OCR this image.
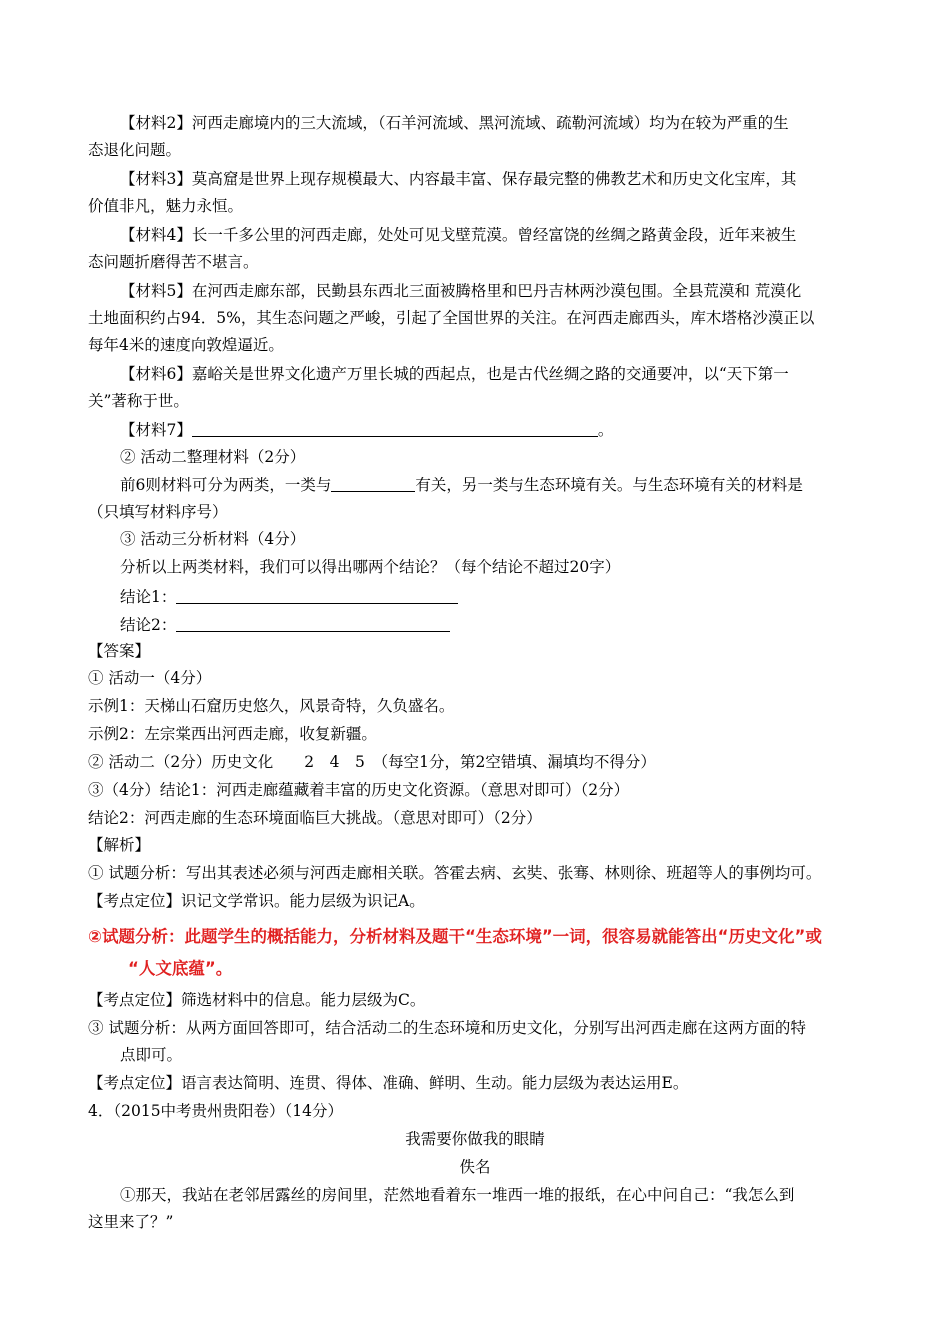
【材料2】河西走廊境内的三大流域，（石羊河流域、黑河流域、疏勒河流域）均为在较为严重的生
态退化问题。
【材料3】莫高窟是世界上现存规模最大、内容最丰富、保存最完整的佛教艺术和历史文化宝库，其
价值非凡，魅力永恒。
【材料4】长一千多公里的河西走廊，处处可见戈壁荒漠。曾经富饶的丝绸之路黄金段，近年来被生
态问题折磨得苦不堪言。
【材料5】在河西走廊东部，民勤县东西北三面被腾格里和巴丹吉林两沙漠包围。全县荒漠和 荒漠化
土地面积约占94．5%，其生态问题之严峻，引起了全国世界的关注。在河西走廊西头，库木塔格沙漠正以
每年4米的速度向敦煌逼近。
【材料6】嘉峪关是世界文化遗产万里长城的西起点，也是古代丝绸之路的交通要冲，以“天下第一
关”著称于世。
【材料7】	。
② 活动二整理材料（2分）
前6则材料可分为两类，一类与	有关，另一类与生态环境有关。与生态环境有关的材料是
（只填写材料序号）
③ 活动三分析材料（4分）
分析以上两类材料，我们可以得出哪两个结论？（每个结论不超过20字）
结论1：
结论2：
【答案】
① 活动一（4分）
示例1：天梯山石窟历史悠久，风景奇特，久负盛名。
示例2：左宗棠西出河西走廊，收复新疆。
② 活动二（2分）历史文化　　2　4　5　（每空1分，第2空错填、漏填均不得分）
③（4分）结论1：河西走廊蕴藏着丰富的历史文化资源。（意思对即可）（2分）
结论2：河西走廊的生态环境面临巨大挑战。（意思对即可）（2分）
【解析】
① 试题分析：写出其表述必须与河西走廊相关联。答霍去病、玄奘、张骞、林则徐、班超等人的事例均可。
【考点定位】识记文学常识。能力层级为识记A。
②试题分析：此题学生的概括能力，分析材料及题干“生态环境”一词，很容易就能答出“历史文化”或
“人文底蕴”。
【考点定位】筛选材料中的信息。能力层级为C。
③ 试题分析：从两方面回答即可，结合活动二的生态环境和历史文化，分别写出河西走廊在这两方面的特
点即可。
【考点定位】语言表达简明、连贯、得体、准确、鲜明、生动。能力层级为表达运用E。
4．（2015中考贵州贵阳卷）（14分）
我需要你做我的眼睛
佚名
①那天，我站在老邻居露丝的房间里，茫然地看着东一堆西一堆的报纸，在心中问自己：“我怎么到
这里来了？”
